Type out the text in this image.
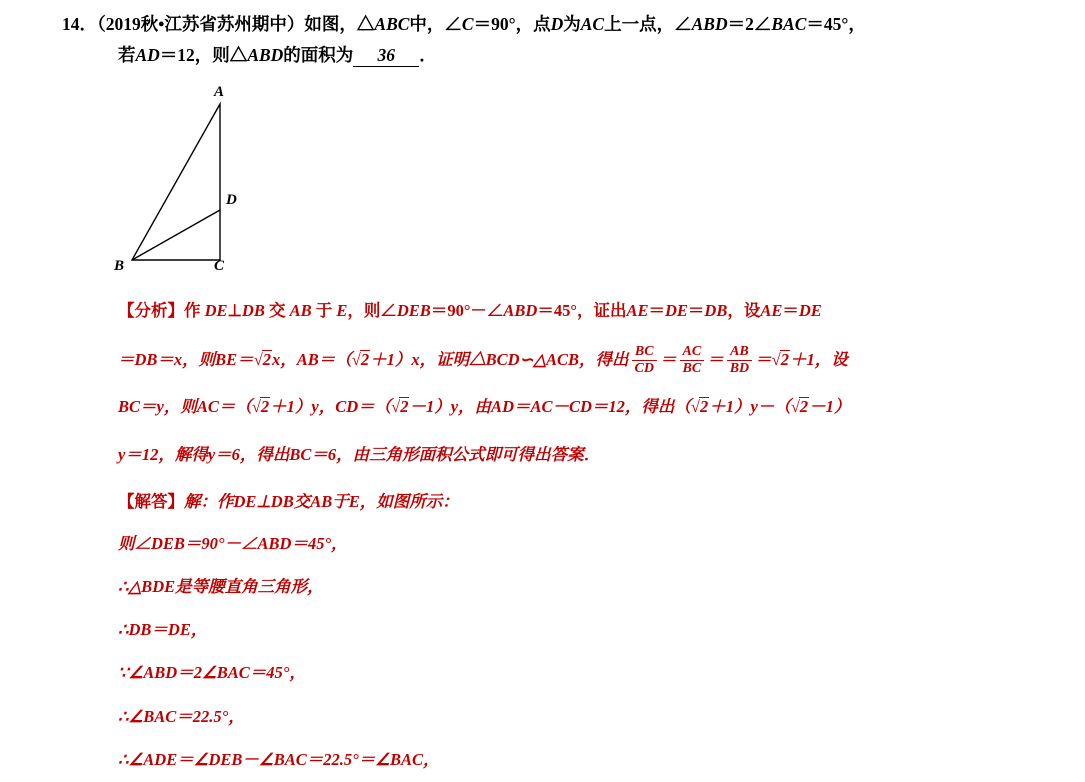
14．（2019秋•江苏省苏州期中）如图，△ABC中，∠C＝90°，点D为AC上一点，∠ABD＝2∠BAC＝45°，
若AD＝12，则△ABD的面积为 36 ．
A
B	C
D
【分析】作 DE⊥DB 交 AB 于 E，则∠DEB＝90°－∠ABD＝45°，证出AE＝DE＝DB，设AE＝DE
＝DB＝x，则BE＝√2x，AB＝（√2＋1）x，证明△BCD∽△ACB，得出 $\frac{BC}{CD} = \frac{AC}{BC} = \frac{AB}{BD} =√2+1$，设
BC＝y，则AC＝（√2＋1）y，CD＝（√2－1）y，由AD＝AC－CD＝12，得出（√2＋1）y－（√2－1）
y＝12，解得y＝6，得出BC＝6，由三角形面积公式即可得出答案．
【解答】解：作DE⊥DB交AB于E，如图所示：
则∠DEB＝90°－∠ABD＝45°，
∴△BDE是等腰直角三角形，
∴DB＝DE，
∵∠ABD＝2∠BAC＝45°，
∴∠BAC＝22.5°，
∴∠ADE＝∠DEB－∠BAC＝22.5°＝∠BAC，
